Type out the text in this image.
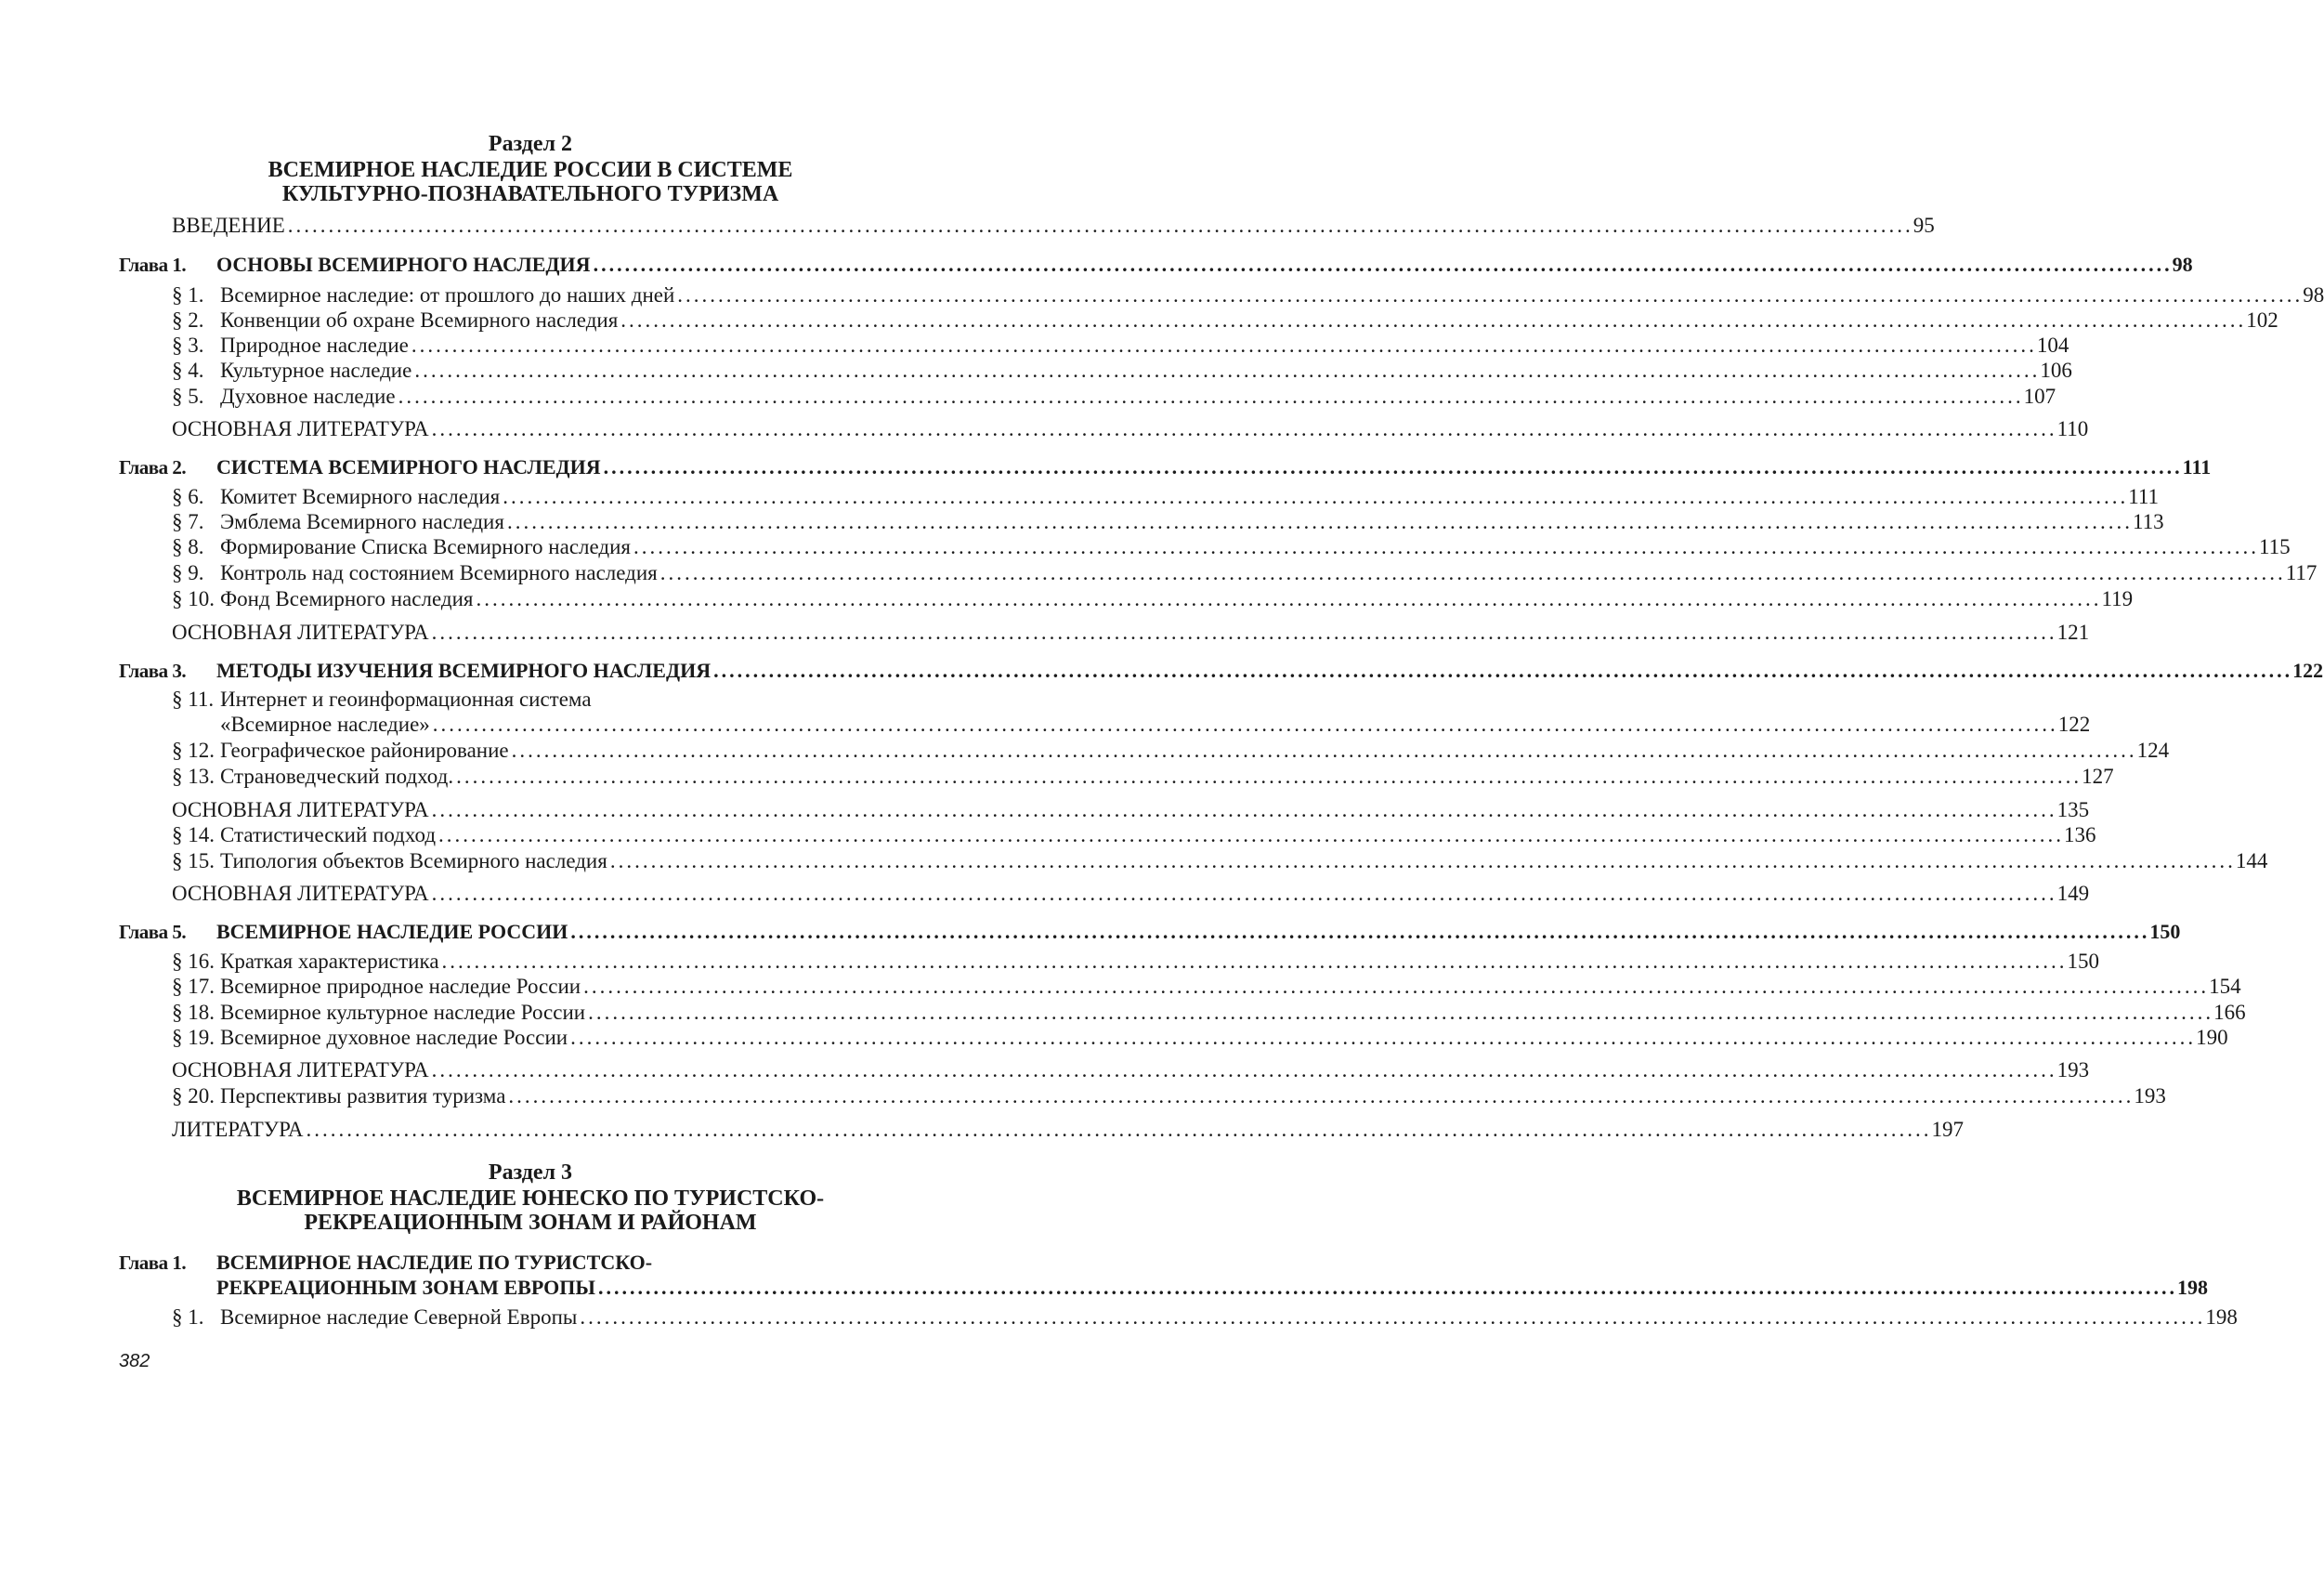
Раздел 2
ВСЕМИРНОЕ НАСЛЕДИЕ РОССИИ В СИСТЕМЕ
КУЛЬТУРНО-ПОЗНАВАТЕЛЬНОГО ТУРИЗМА
ВВЕДЕНИЕ ........................................................................................................................................................................................................ 95
Глава 1. ОСНОВЫ ВСЕМИРНОГО НАСЛЕДИЯ ........................................................................................................................................................................................................ 98
§ 1. Всемирное наследие: от прошлого до наших дней ........................................................................................................................................................................................................ 98
§ 2. Конвенции об охране Всемирного наследия ........................................................................................................................................................................................................ 102
§ 3. Природное наследие ........................................................................................................................................................................................................ 104
§ 4. Культурное наследие ........................................................................................................................................................................................................ 106
§ 5. Духовное наследие ........................................................................................................................................................................................................ 107
ОСНОВНАЯ ЛИТЕРАТУРА ........................................................................................................................................................................................................ 110
Глава 2. СИСТЕМА ВСЕМИРНОГО НАСЛЕДИЯ ........................................................................................................................................................................................................ 111
§ 6. Комитет Всемирного наследия ........................................................................................................................................................................................................ 111
§ 7. Эмблема Всемирного наследия ........................................................................................................................................................................................................ 113
§ 8. Формирование Списка Всемирного наследия ........................................................................................................................................................................................................ 115
§ 9. Контроль над состоянием Всемирного наследия ........................................................................................................................................................................................................ 117
§ 10. Фонд Всемирного наследия ........................................................................................................................................................................................................ 119
ОСНОВНАЯ ЛИТЕРАТУРА ........................................................................................................................................................................................................ 121
Глава 3. МЕТОДЫ ИЗУЧЕНИЯ ВСЕМИРНОГО НАСЛЕДИЯ ........................................................................................................................................................................................................ 122
§ 11. Интернет и геоинформационная система
«Всемирное наследие» ........................................................................................................................................................................................................ 122
§ 12. Географическое районирование ........................................................................................................................................................................................................ 124
§ 13. Страноведческий подход. ........................................................................................................................................................................................................ 127
ОСНОВНАЯ ЛИТЕРАТУРА ........................................................................................................................................................................................................ 135
§ 14. Статистический подход ........................................................................................................................................................................................................ 136
§ 15. Типология объектов Всемирного наследия ........................................................................................................................................................................................................ 144
ОСНОВНАЯ ЛИТЕРАТУРА ........................................................................................................................................................................................................ 149
Глава 5. ВСЕМИРНОЕ НАСЛЕДИЕ РОССИИ ........................................................................................................................................................................................................ 150
§ 16. Краткая характеристика ........................................................................................................................................................................................................ 150
§ 17. Всемирное природное наследие России ........................................................................................................................................................................................................ 154
§ 18. Всемирное культурное наследие России ........................................................................................................................................................................................................ 166
§ 19. Всемирное духовное наследие России ........................................................................................................................................................................................................ 190
ОСНОВНАЯ ЛИТЕРАТУРА ........................................................................................................................................................................................................ 193
§ 20. Перспективы развития туризма ........................................................................................................................................................................................................ 193
ЛИТЕРАТУРА ........................................................................................................................................................................................................ 197
Раздел 3
ВСЕМИРНОЕ НАСЛЕДИЕ ЮНЕСКО ПО ТУРИСТСКО-
РЕКРЕАЦИОННЫМ ЗОНАМ И РАЙОНАМ
Глава 1. ВСЕМИРНОЕ НАСЛЕДИЕ ПО ТУРИСТСКО-
РЕКРЕАЦИОННЫМ ЗОНАМ ЕВРОПЫ ........................................................................................................................................................................................................ 198
§ 1. Всемирное наследие Северной Европы ........................................................................................................................................................................................................ 198
382
